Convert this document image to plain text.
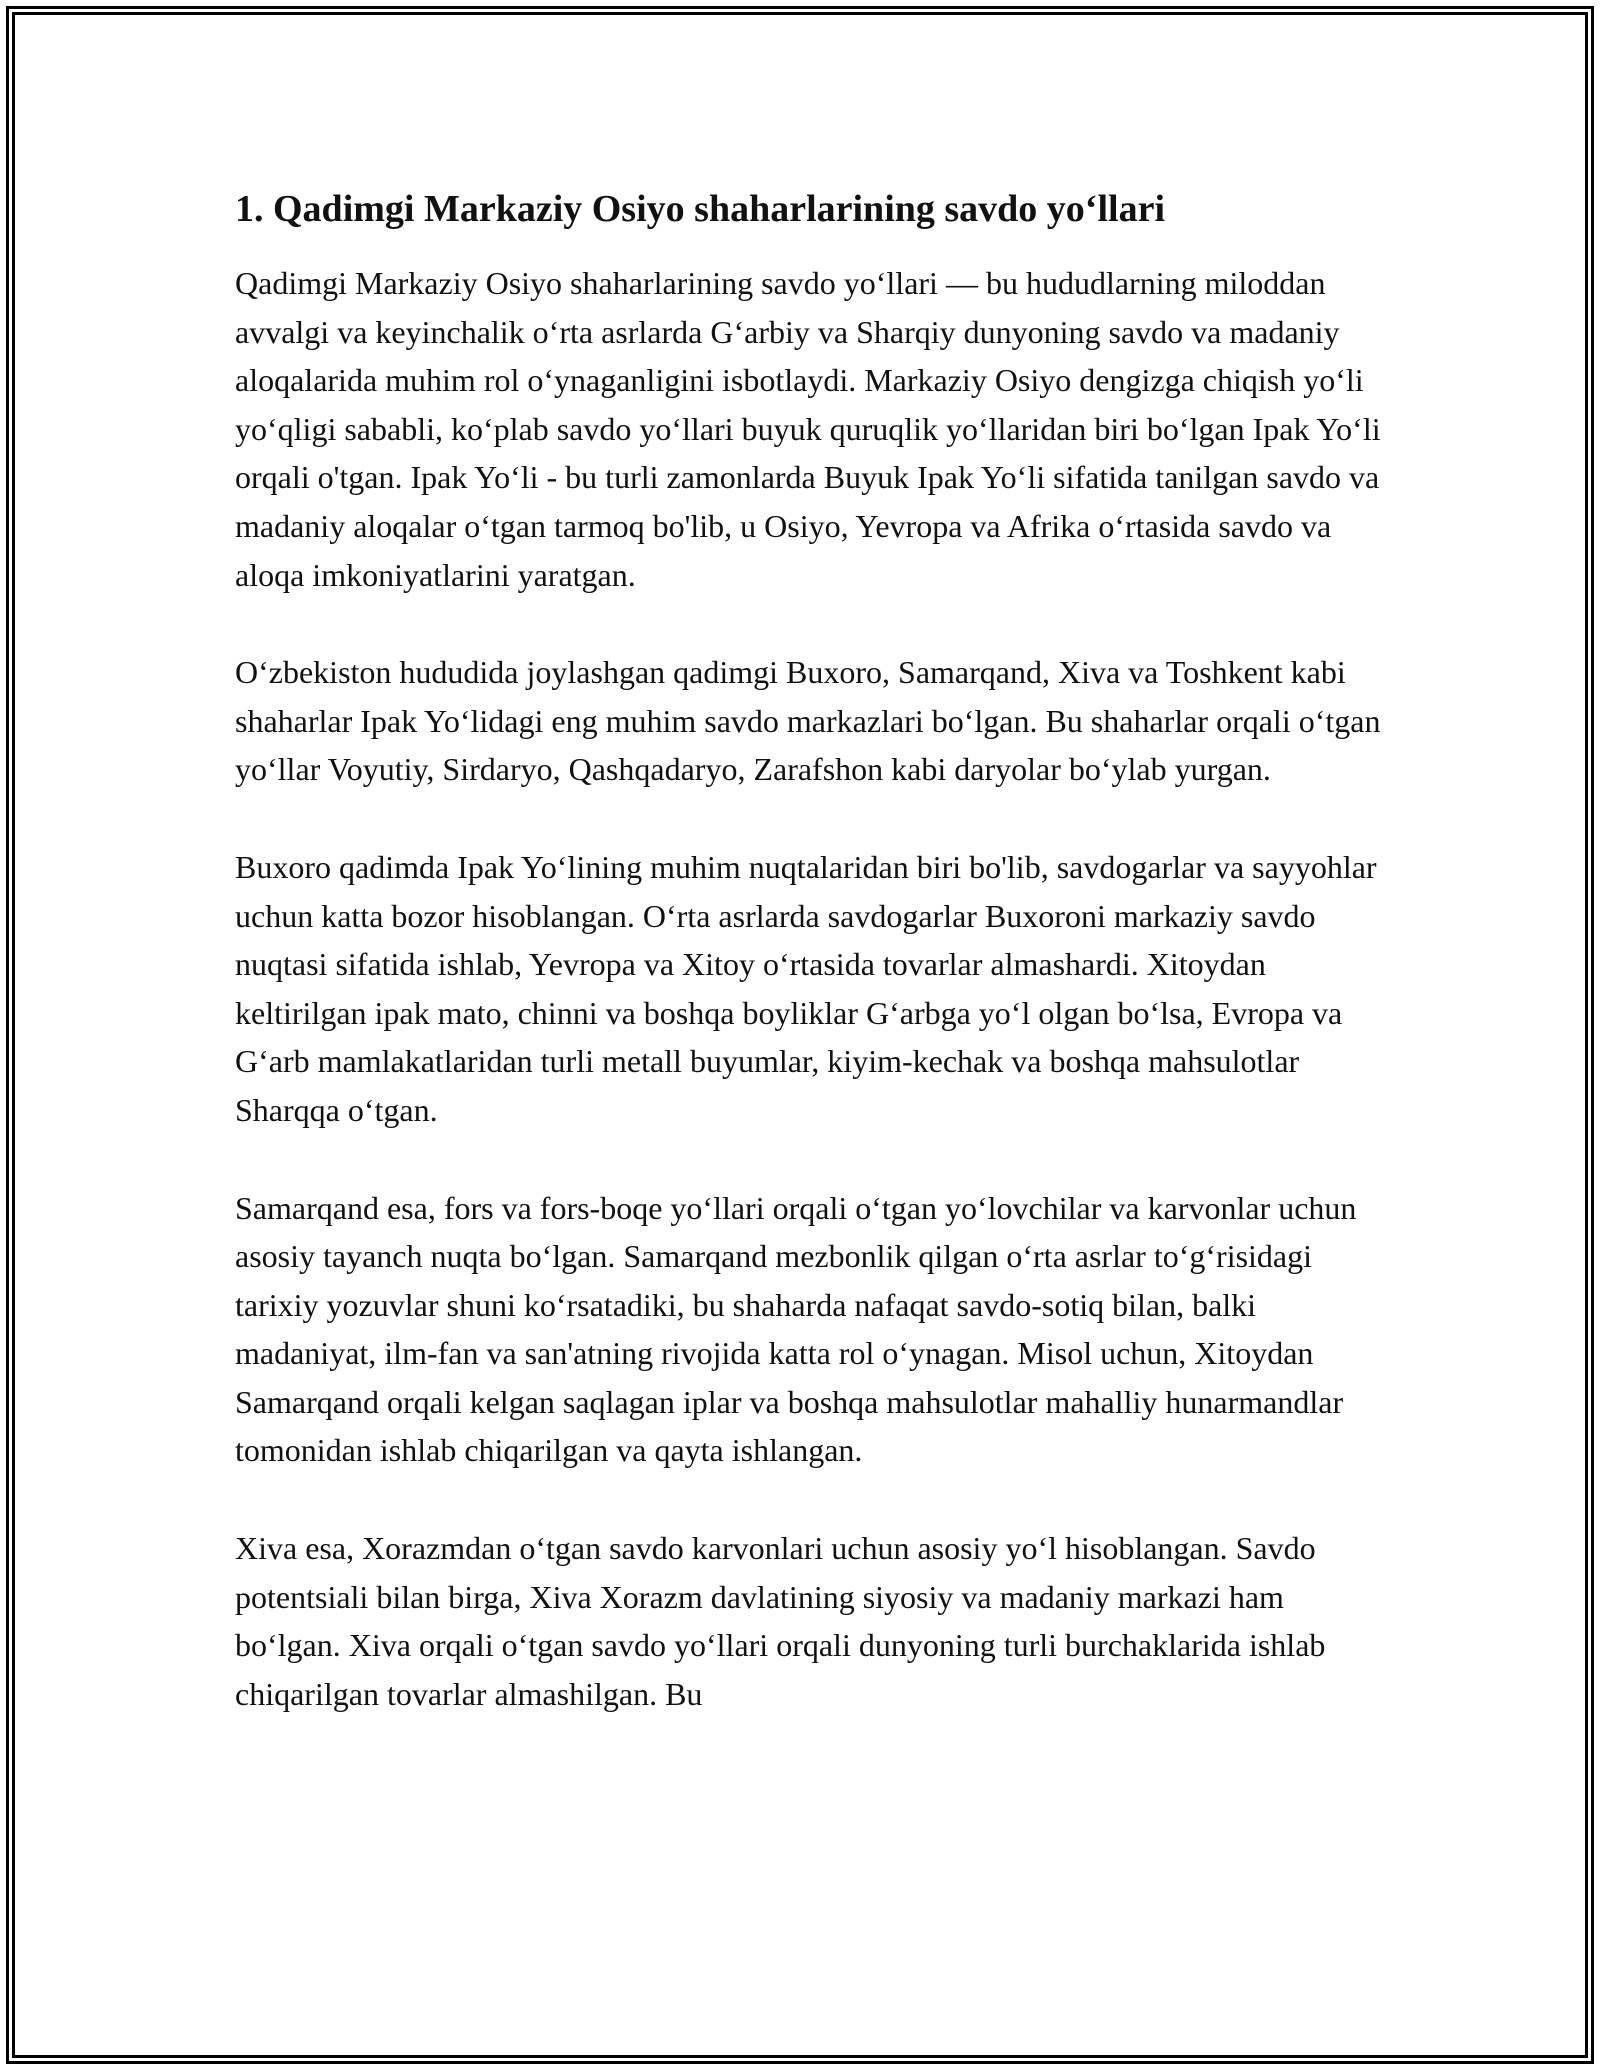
1. Qadimgi Markaziy Osiyo shaharlarining savdo yo‘llari

Qadimgi Markaziy Osiyo shaharlarining savdo yo‘llari — bu hududlarning miloddan avvalgi va keyinchalik o‘rta asrlarda G‘arbiy va Sharqiy dunyoning savdo va madaniy aloqalarida muhim rol o‘ynaganligini isbotlaydi. Markaziy Osiyo dengizga chiqish yo‘li yo‘qligi sababli, ko‘plab savdo yo‘llari buyuk quruqlik yo‘llaridan biri bo‘lgan Ipak Yo‘li orqali o'tgan. Ipak Yo‘li - bu turli zamonlarda Buyuk Ipak Yo‘li sifatida tanilgan savdo va madaniy aloqalar o‘tgan tarmoq bo'lib, u Osiyo, Yevropa va Afrika o‘rtasida savdo va aloqa imkoniyatlarini yaratgan.

O‘zbekiston hududida joylashgan qadimgi Buxoro, Samarqand, Xiva va Toshkent kabi shaharlar Ipak Yo‘lidagi eng muhim savdo markazlari bo‘lgan. Bu shaharlar orqali o‘tgan yo‘llar Voyutiy, Sirdaryo, Qashqadaryo, Zarafshon kabi daryolar bo‘ylab yurgan.

Buxoro qadimda Ipak Yo‘lining muhim nuqtalaridan biri bo'lib, savdogarlar va sayyohlar uchun katta bozor hisoblangan. O‘rta asrlarda savdogarlar Buxoroni markaziy savdo nuqtasi sifatida ishlab, Yevropa va Xitoy o‘rtasida tovarlar almashardi. Xitoydan keltirilgan ipak mato, chinni va boshqa boyliklar G‘arbga yo‘l olgan bo‘lsa, Evropa va G‘arb mamlakatlaridan turli metall buyumlar, kiyim-kechak va boshqa mahsulotlar Sharqqa o‘tgan.

Samarqand esa, fors va fors-boqe yo‘llari orqali o‘tgan yo‘lovchilar va karvonlar uchun asosiy tayanch nuqta bo‘lgan. Samarqand mezbonlik qilgan o‘rta asrlar to‘g‘risidagi tarixiy yozuvlar shuni ko‘rsatadiki, bu shaharda nafaqat savdo-sotiq bilan, balki madaniyat, ilm-fan va san'atning rivojida katta rol o‘ynagan. Misol uchun, Xitoydan Samarqand orqali kelgan saqlagan iplar va boshqa mahsulotlar mahalliy hunarmandlar tomonidan ishlab chiqarilgan va qayta ishlangan.

Xiva esa, Xorazmdan o‘tgan savdo karvonlari uchun asosiy yo‘l hisoblangan. Savdo potentsiali bilan birga, Xiva Xorazm davlatining siyosiy va madaniy markazi ham bo‘lgan. Xiva orqali o‘tgan savdo yo‘llari orqali dunyoning turli burchaklarida ishlab chiqarilgan tovarlar almashilgan. Bu
